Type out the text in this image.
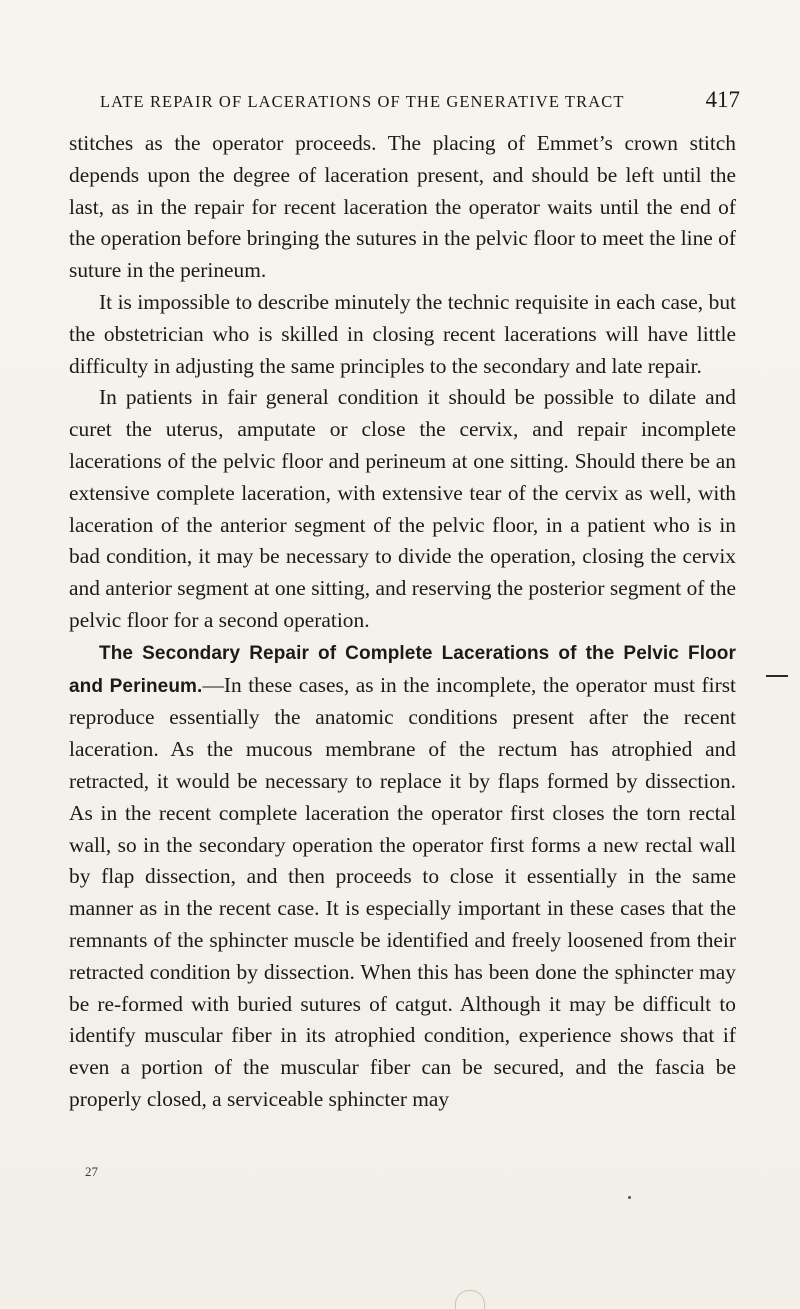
LATE REPAIR OF LACERATIONS OF THE GENERATIVE TRACT	417

stitches as the operator proceeds. The placing of Emmet’s crown stitch depends upon the degree of laceration present, and should be left until the last, as in the repair for recent laceration the operator waits until the end of the operation before bringing the sutures in the pelvic floor to meet the line of suture in the perineum.

It is impossible to describe minutely the technic requisite in each case, but the obstetrician who is skilled in closing recent lacerations will have little difficulty in adjusting the same principles to the secondary and late repair.

In patients in fair general condition it should be possible to dilate and curet the uterus, amputate or close the cervix, and repair incomplete lacerations of the pelvic floor and perineum at one sitting. Should there be an extensive complete laceration, with extensive tear of the cervix as well, with laceration of the anterior segment of the pelvic floor, in a patient who is in bad condition, it may be necessary to divide the operation, closing the cervix and anterior segment at one sitting, and reserving the posterior segment of the pelvic floor for a second operation.

The Secondary Repair of Complete Lacerations of the Pelvic Floor and Perineum.—In these cases, as in the incomplete, the operator must first reproduce essentially the anatomic conditions present after the recent laceration. As the mucous membrane of the rectum has atrophied and retracted, it would be necessary to replace it by flaps formed by dissection. As in the recent complete laceration the operator first closes the torn rectal wall, so in the secondary operation the operator first forms a new rectal wall by flap dissection, and then proceeds to close it essentially in the same manner as in the recent case. It is especially important in these cases that the remnants of the sphincter muscle be identified and freely loosened from their retracted condition by dissection. When this has been done the sphincter may be re-formed with buried sutures of catgut. Although it may be difficult to identify muscular fiber in its atrophied condition, experience shows that if even a portion of the muscular fiber can be secured, and the fascia be properly closed, a serviceable sphincter may

27
